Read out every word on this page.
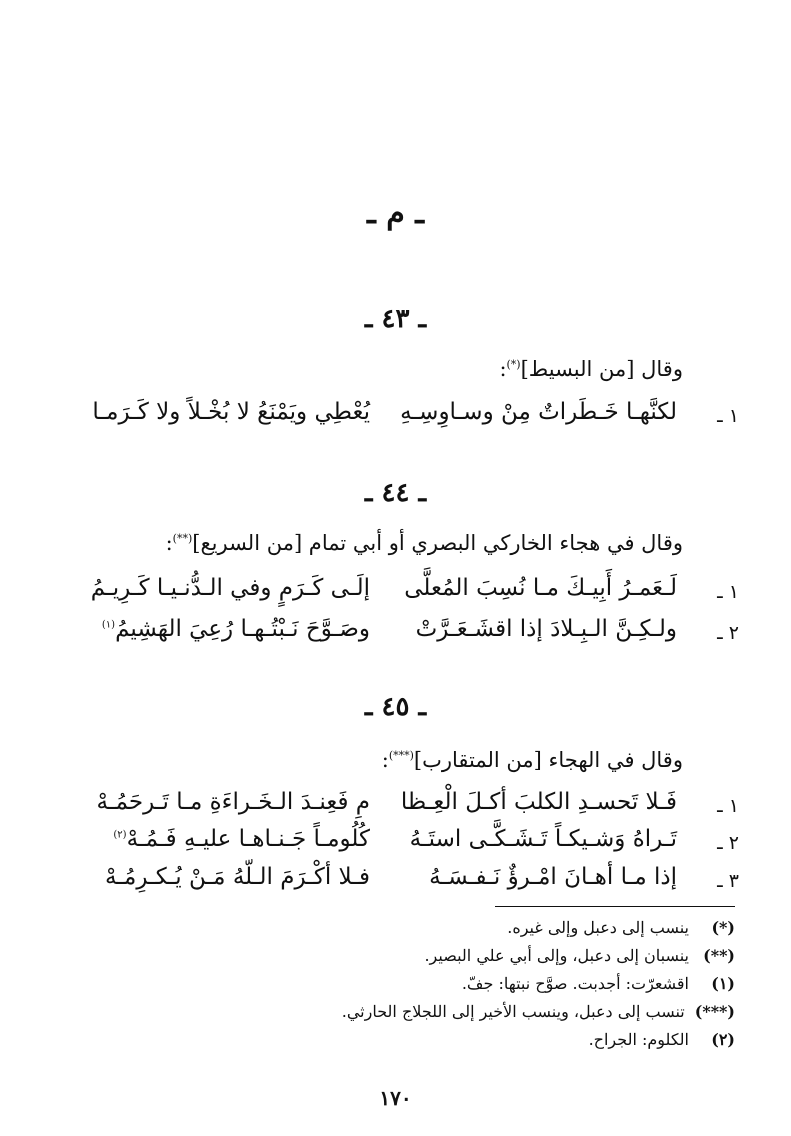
ـ م ـ
ـ ٤٣ ـ
وقال [من البسيط](*):
١ ـ
لكنَّهـا خَـطَراتٌ مِنْ وسـاوِسِـهِ
يُعْطِي ويَمْنَعُ لا بُخْـلاً ولا كَـرَمـا
ـ ٤٤ ـ
وقال في هجاء الخاركي البصري أو أبي تمام [من السريع](**):
١ ـ
لَـعَمـرُ أَبِيـكَ مـا نُسِبَ المُعلَّى
إلَـى كَـرَمٍ وفي الـدُّنـيـا كَـرِيـمُ
٢ ـ
ولـكِـنَّ الـبِـلادَ إذا اقشَـعَـرَّتْ
وصَـوَّحَ نَـبْتُـهـا رُعِيَ الهَشِيمُ$^{(١)}$
ـ ٤٥ ـ
وقال في الهجاء [من المتقارب](***):
١ ـ
فَـلا تَحسـدِ الكلبَ أكـلَ الْعِـظا
مِ فَعِنـدَ الـخَـراءَةِ مـا تَـرحَمُـهْ
٢ ـ
تَـراهُ وَشـيكـاً تَـشَـكَّـى استَـهُ
كُلُومـاً جَـنـاهـا عليـهِ فَـمُـهْ$^{(٢)}$
٣ ـ
إذا مـا أهـانَ امْـرؤٌ نَـفـسَـهُ
فـلا أكْـرَمَ الـلّهُ مَـنْ يُـكـرِمُـهْ
(*)ينسب إلى دعبل وإلى غيره.
(**)ينسبان إلى دعبل، وإلى أبي علي البصير.
(١)اقشعرّت: أجدبت. صوَّح نبتها: جفّ.
(***)تنسب إلى دعبل، وينسب الأخير إلى اللجلاج الحارثي.
(٢)الكلوم: الجراح.
١٧٠
